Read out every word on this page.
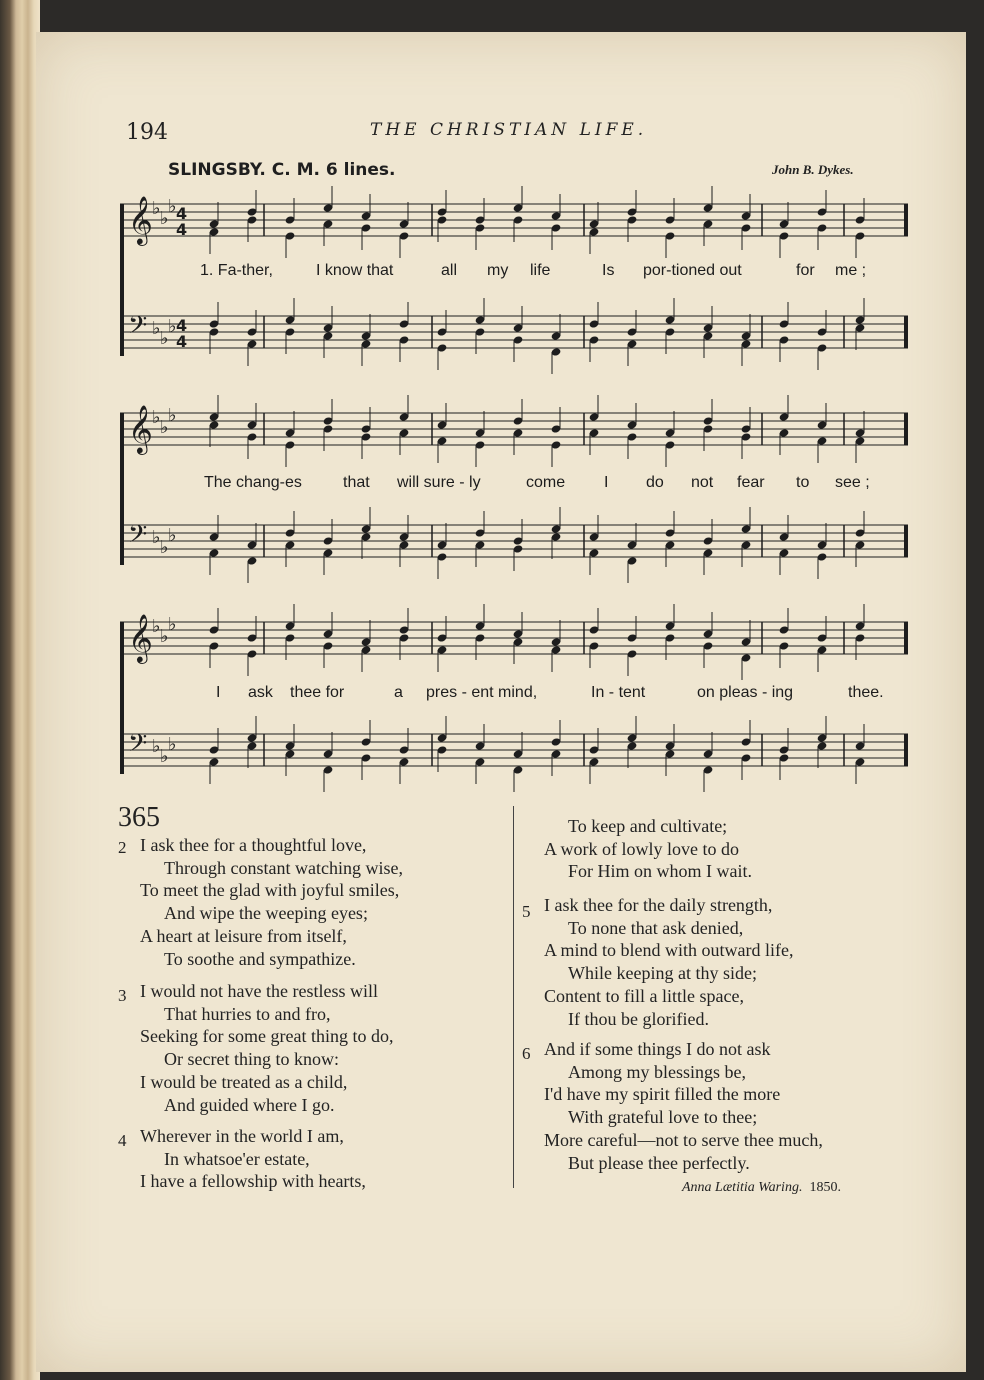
194	THE CHRISTIAN LIFE.
SLINGSBY. C. M. 6 lines.	John B. Dykes.
𝄞 ♭ ♭
♭ 4
4
𝄢 ♭ ♭
♭ 4
4
𝄞 ♭ ♭
♭
𝄢 ♭ ♭
♭
𝄞 ♭ ♭
♭
𝄢 ♭ ♭
♭
1. Fa-ther,	I know that	all my life	Is por-tioned out	for me ;
The chang-es	that will sure - ly	come I do not fear to see ;
I ask thee for	a pres - ent mind,	In - tent	on pleas - ing	thee.
365
2 I ask thee for a thoughtful love,
Through constant watching wise,
To meet the glad with joyful smiles,
And wipe the weeping eyes;
A heart at leisure from itself,
To soothe and sympathize.
3 I would not have the restless will
That hurries to and fro,
Seeking for some great thing to do,
Or secret thing to know:
I would be treated as a child,
And guided where I go.
4 Wherever in the world I am,
In whatsoe'er estate,
I have a fellowship with hearts,
To keep and cultivate;
A work of lowly love to do
For Him on whom I wait.
5 I ask thee for the daily strength,
To none that ask denied,
A mind to blend with outward life,
While keeping at thy side;
Content to fill a little space,
If thou be glorified.
6 And if some things I do not ask
Among my blessings be,
I'd have my spirit filled the more
With grateful love to thee;
More careful—not to serve thee much,
But please thee perfectly.
Anna Lætitia Waring. 1850.
